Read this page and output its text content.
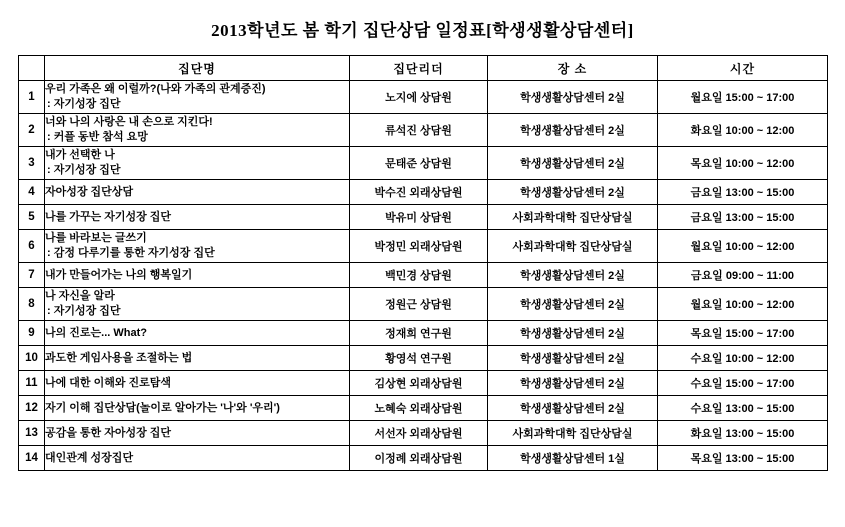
2013학년도 봄 학기 집단상담 일정표[학생생활상담센터]
	집단명	집단리더	장 소	시간
1	우리 가족은 왜 이럴까?(나와 가족의 관계증진)
: 자기성장 집단	노지에 상담원	학생생활상담센터 2실	월요일 15:00 ~ 17:00
2	너와 나의 사랑은 내 손으로 지킨다!
: 커플 동반 참석 요망	류석진 상담원	학생생활상담센터 2실	화요일 10:00 ~ 12:00
3	내가 선택한 나
: 자기성장 집단	문태준 상담원	학생생활상담센터 2실	목요일 10:00 ~ 12:00
4	자아성장 집단상담	박수진 외래상담원	학생생활상담센터 2실	금요일 13:00 ~ 15:00
5	나를 가꾸는 자기성장 집단	박유미 상담원	사회과학대학 집단상담실	금요일 13:00 ~ 15:00
6	나를 바라보는 글쓰기
: 감정 다루기를 통한 자기성장 집단	박정민 외래상담원	사회과학대학 집단상담실	월요일 10:00 ~ 12:00
7	내가 만들어가는 나의 행복일기	백민경 상담원	학생생활상담센터 2실	금요일 09:00 ~ 11:00
8	나 자신을 알라
: 자기성장 집단	정원근 상담원	학생생활상담센터 2실	월요일 10:00 ~ 12:00
9	나의 진로는... What?	정재희 연구원	학생생활상담센터 2실	목요일 15:00 ~ 17:00
10	과도한 게임사용을 조절하는 법	황영석 연구원	학생생활상담센터 2실	수요일 10:00 ~ 12:00
11	나에 대한 이해와 진로탐색	김상현 외래상담원	학생생활상담센터 2실	수요일 15:00 ~ 17:00
12	자기 이해 집단상담(놀이로 알아가는 '나'와 '우리')	노혜숙 외래상담원	학생생활상담센터 2실	수요일 13:00 ~ 15:00
13	공감을 통한 자아성장 집단	서선자 외래상담원	사회과학대학 집단상담실	화요일 13:00 ~ 15:00
14	대인관계 성장집단	이정례 외래상담원	학생생활상담센터 1실	목요일 13:00 ~ 15:00
